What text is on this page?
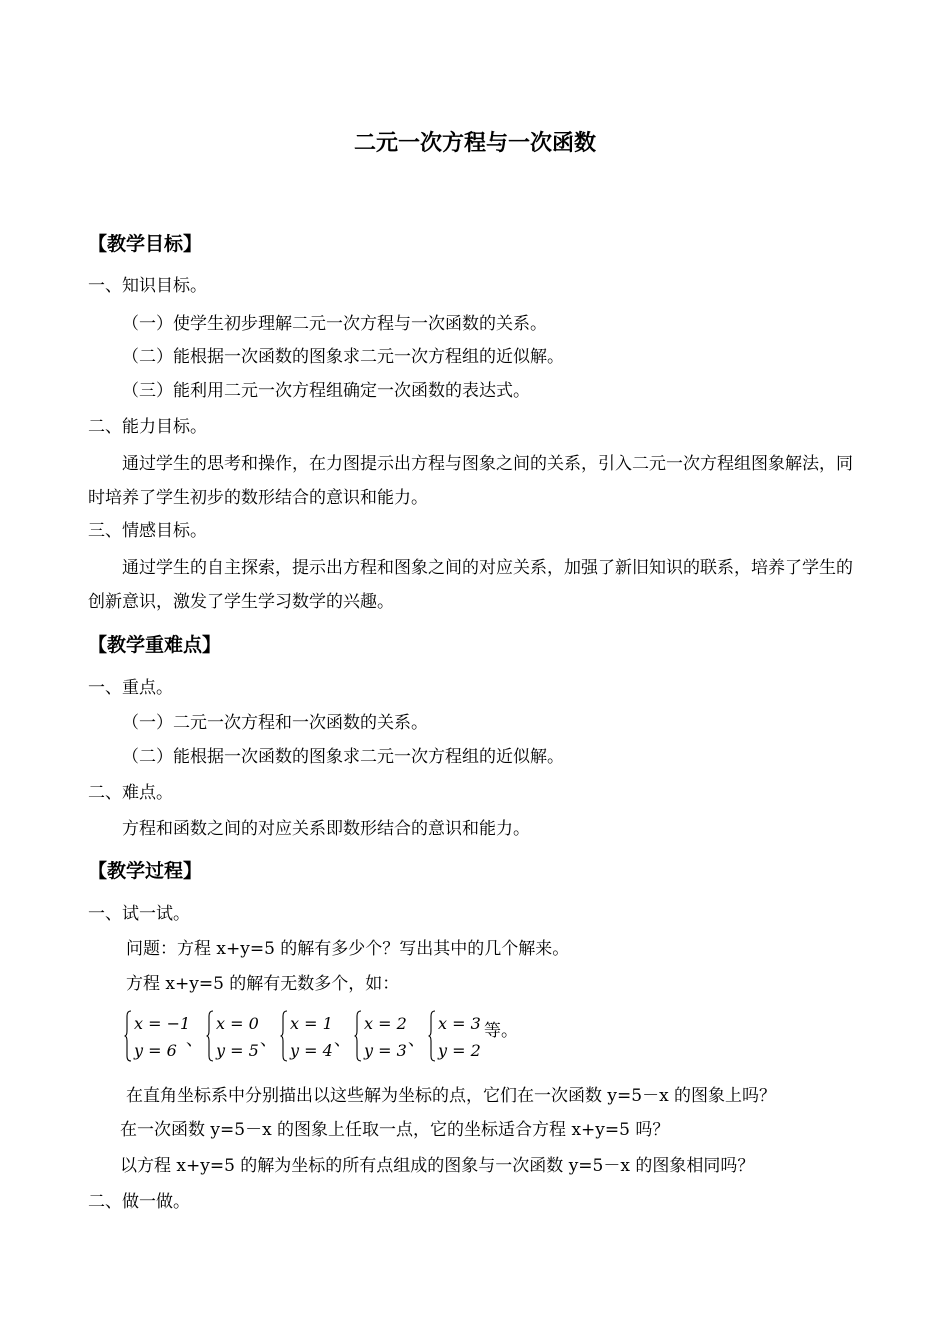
二元一次方程与一次函数
【教学目标】
一、知识目标。
（一）使学生初步理解二元一次方程与一次函数的关系。
（二）能根据一次函数的图象求二元一次方程组的近似解。
（三）能利用二元一次方程组确定一次函数的表达式。
二、能力目标。
通过学生的思考和操作，在力图提示出方程与图象之间的关系，引入二元一次方程组图象解法，同时培养了学生初步的数形结合的意识和能力。
三、情感目标。
通过学生的自主探索，提示出方程和图象之间的对应关系，加强了新旧知识的联系，培养了学生的创新意识，激发了学生学习数学的兴趣。
【教学重难点】
一、重点。
（一）二元一次方程和一次函数的关系。
（二）能根据一次函数的图象求二元一次方程组的近似解。
二、难点。
方程和函数之间的对应关系即数形结合的意识和能力。
【教学过程】
一、试一试。
问题：方程 x+y=5 的解有多少个？写出其中的几个解来。
方程 x+y=5 的解有无数多个，如：
x = −1
y = 6
、
x = 0
y = 5
、
x = 1
y = 4
、
x = 2
y = 3
、
x = 3
y = 2
等。
在直角坐标系中分别描出以这些解为坐标的点，它们在一次函数 y=5－x 的图象上吗？
在一次函数 y=5－x 的图象上任取一点，它的坐标适合方程 x+y=5 吗？
以方程 x+y=5 的解为坐标的所有点组成的图象与一次函数 y=5－x 的图象相同吗？
二、做一做。
